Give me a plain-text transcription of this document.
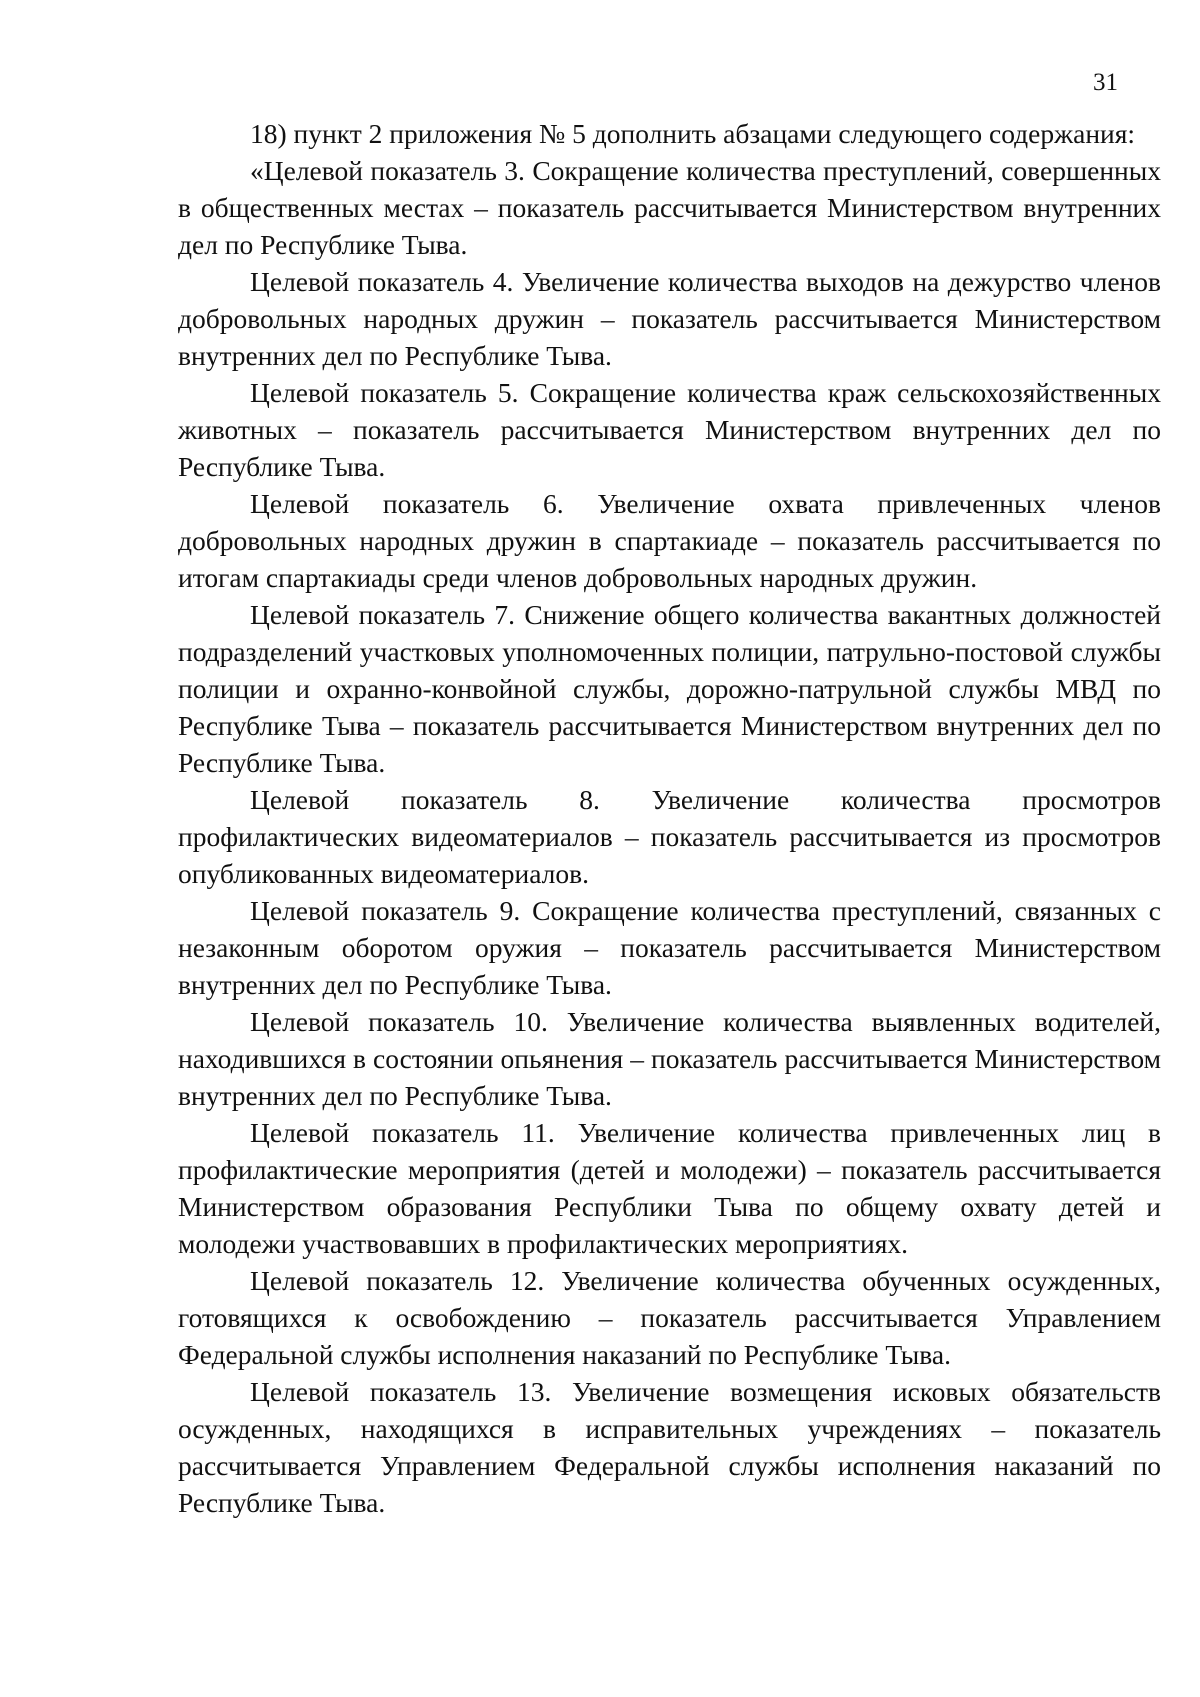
31

18) пункт 2 приложения № 5 дополнить абзацами следующего содержания:

«Целевой показатель 3. Сокращение количества преступлений, совершенных в общественных местах – показатель рассчитывается Министерством внутренних дел по Республике Тыва.

Целевой показатель 4. Увеличение количества выходов на дежурство членов добровольных народных дружин – показатель рассчитывается Министерством внутренних дел по Республике Тыва.

Целевой показатель 5. Сокращение количества краж сельскохозяйственных животных – показатель рассчитывается Министерством внутренних дел по Республике Тыва.

Целевой показатель 6. Увеличение охвата привлеченных членов добровольных народных дружин в спартакиаде – показатель рассчитывается по итогам спартакиады среди членов добровольных народных дружин.

Целевой показатель 7. Снижение общего количества вакантных должностей подразделений участковых уполномоченных полиции, патрульно-постовой службы полиции и охранно-конвойной службы, дорожно-патрульной службы МВД по Республике Тыва – показатель рассчитывается Министерством внутренних дел по Республике Тыва.

Целевой показатель 8. Увеличение количества просмотров профилактических видеоматериалов – показатель рассчитывается из просмотров опубликованных видеоматериалов.

Целевой показатель 9. Сокращение количества преступлений, связанных с незаконным оборотом оружия – показатель рассчитывается Министерством внутренних дел по Республике Тыва.

Целевой показатель 10. Увеличение количества выявленных водителей, находившихся в состоянии опьянения – показатель рассчитывается Министерством внутренних дел по Республике Тыва.

Целевой показатель 11. Увеличение количества привлеченных лиц в профилактические мероприятия (детей и молодежи) – показатель рассчитывается Министерством образования Республики Тыва по общему охвату детей и молодежи участвовавших в профилактических мероприятиях.

Целевой показатель 12. Увеличение количества обученных осужденных, готовящихся к освобождению – показатель рассчитывается Управлением Федеральной службы исполнения наказаний по Республике Тыва.

Целевой показатель 13. Увеличение возмещения исковых обязательств осужденных, находящихся в исправительных учреждениях – показатель рассчитывается Управлением Федеральной службы исполнения наказаний по Республике Тыва.
